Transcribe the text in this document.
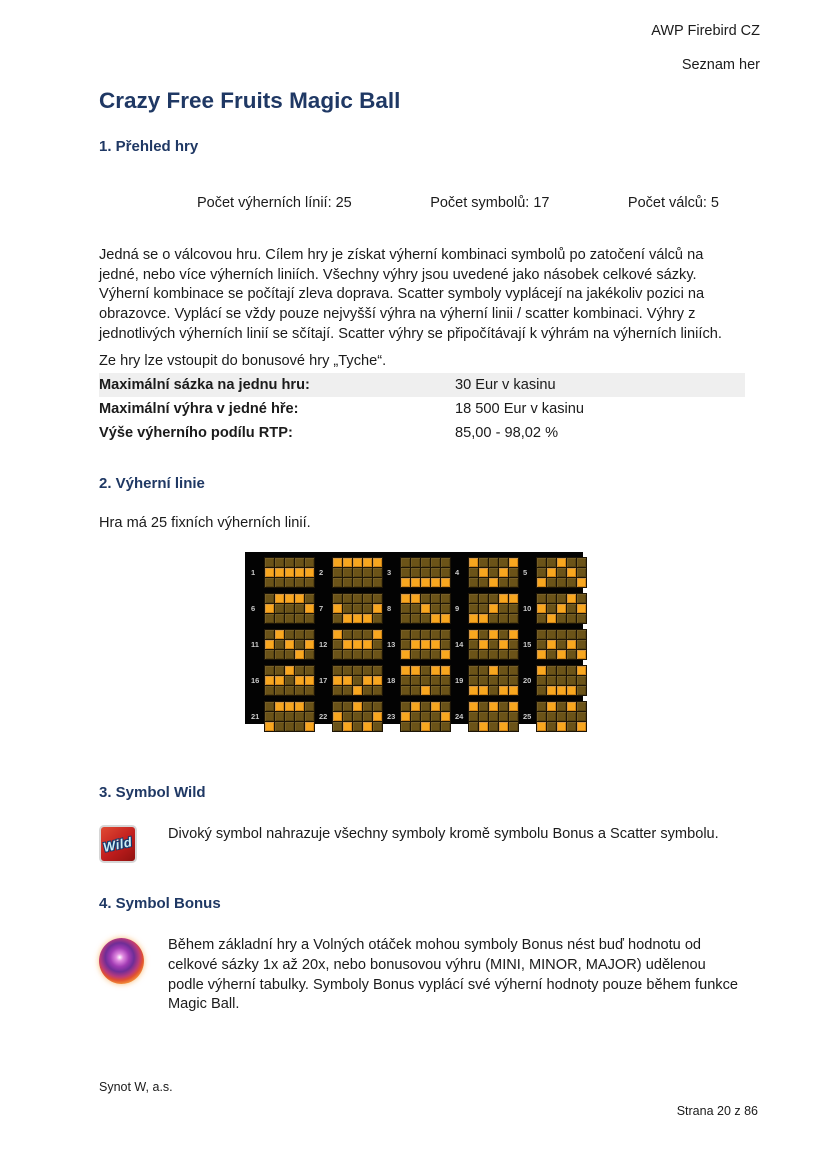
AWP Firebird CZ
Seznam her
Crazy Free Fruits Magic Ball
1. Přehled hry
Počet výherních línií: 25	Počet symbolů: 17	Počet válců: 5

Jedná se o válcovou hru. Cílem hry je získat výherní kombinaci symbolů po zatočení válců na jedné, nebo více výherních liniích. Všechny výhry jsou uvedené jako násobek celkové sázky. Výherní kombinace se počítají zleva doprava. Scatter symboly vyplácejí na jakékoliv pozici na obrazovce. Vyplácí se vždy pouze nejvyšší výhra na výherní linii / scatter kombinaci. Výhry z jednotlivých výherních linií se sčítají. Scatter výhry se připočítávají k výhrám na výherních liniích.

Ze hry lze vstoupit do bonusové hry „Tyche“.
Maximální sázka na jednu hru:	30 Eur v kasinu
Maximální výhra v jedné hře:	18 500 Eur v kasinu
Výše výherního podílu RTP:	85,00 - 98,02 %
2. Výherní linie

Hra má 25 fixních výherních linií.

1	2	3	4	5
6	7	8	9	10
11	12	13	14	15
16	17	18	19	20
21	22	23	24	25
3. Symbol Wild
Wild Divoký symbol nahrazuje všechny symboly kromě symbolu Bonus a Scatter symbolu.

4. Symbol Bonus

Během základní hry a Volných otáček mohou symboly Bonus nést buď hodnotu od celkové sázky 1x až 20x, nebo bonusovou výhru (MINI, MINOR, MAJOR) udělenou podle výherní tabulky. Symboly Bonus vyplácí své výherní hodnoty pouze během funkce Magic Ball.

Synot W, a.s.
Strana 20 z 86
